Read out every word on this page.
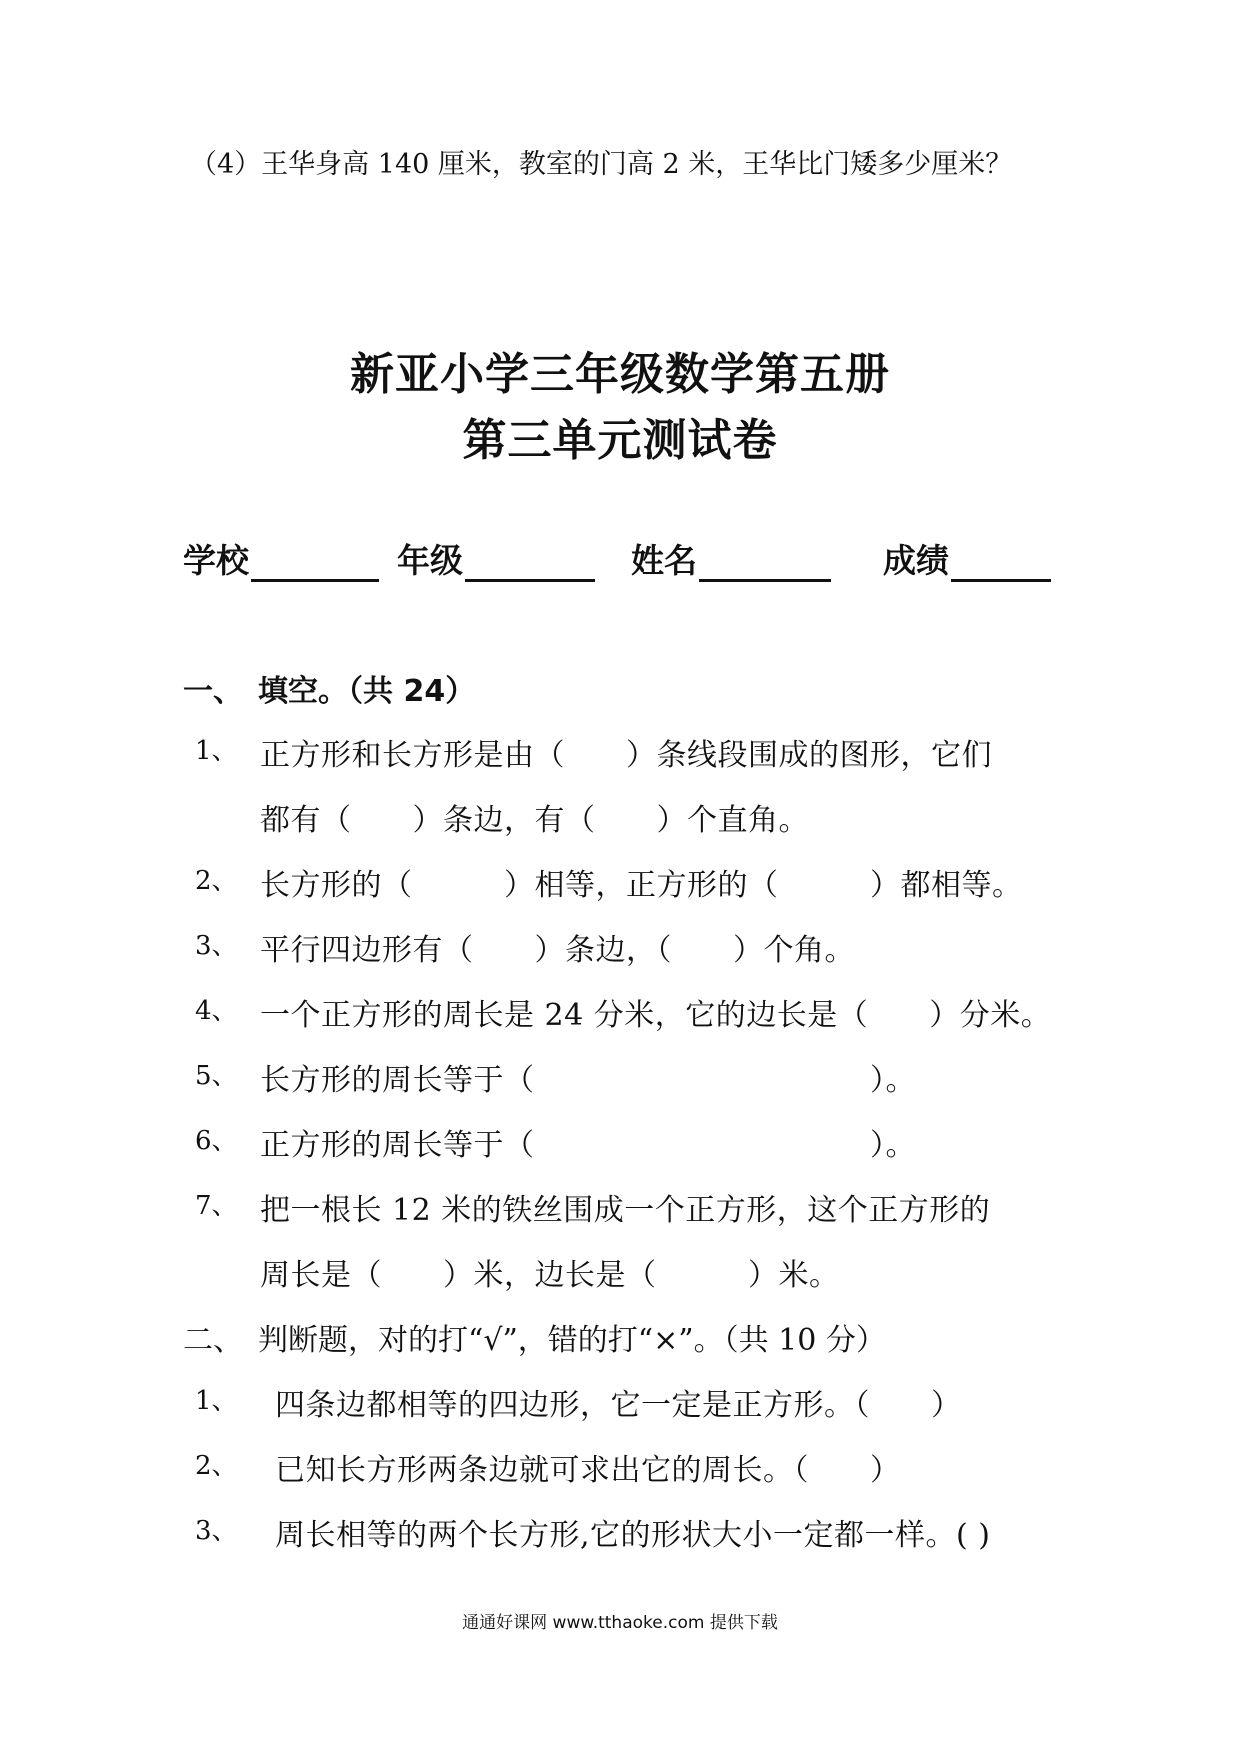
（4）王华身高 140 厘米，教室的门高 2 米，王华比门矮多少厘米？
新亚小学三年级数学第五册
第三单元测试卷
学校	年级	姓名	成绩
一、 填空。（共 24）
1、 正方形和长方形是由（　　）条线段围成的图形，它们
都有（　　）条边，有（　　）个直角。
2、 长方形的（　　　）相等，正方形的（　　　）都相等。
3、 平行四边形有（　　）条边，（　　）个角。
4、 一个正方形的周长是 24 分米，它的边长是（　　）分米。
5、 长方形的周长等于（　　　　　　　　　　　）。
6、 正方形的周长等于（　　　　　　　　　　　）。
7、 把一根长 12 米的铁丝围成一个正方形，这个正方形的
周长是（　　）米，边长是（　　　）米。
二、 判断题，对的打“√”，错的打“×”。（共 10 分）
1、 四条边都相等的四边形，它一定是正方形。（　　）
2、 已知长方形两条边就可求出它的周长。（　　）
3、 周长相等的两个长方形,它的形状大小一定都一样。( )
通通好课网 www.tthaoke.com 提供下载
